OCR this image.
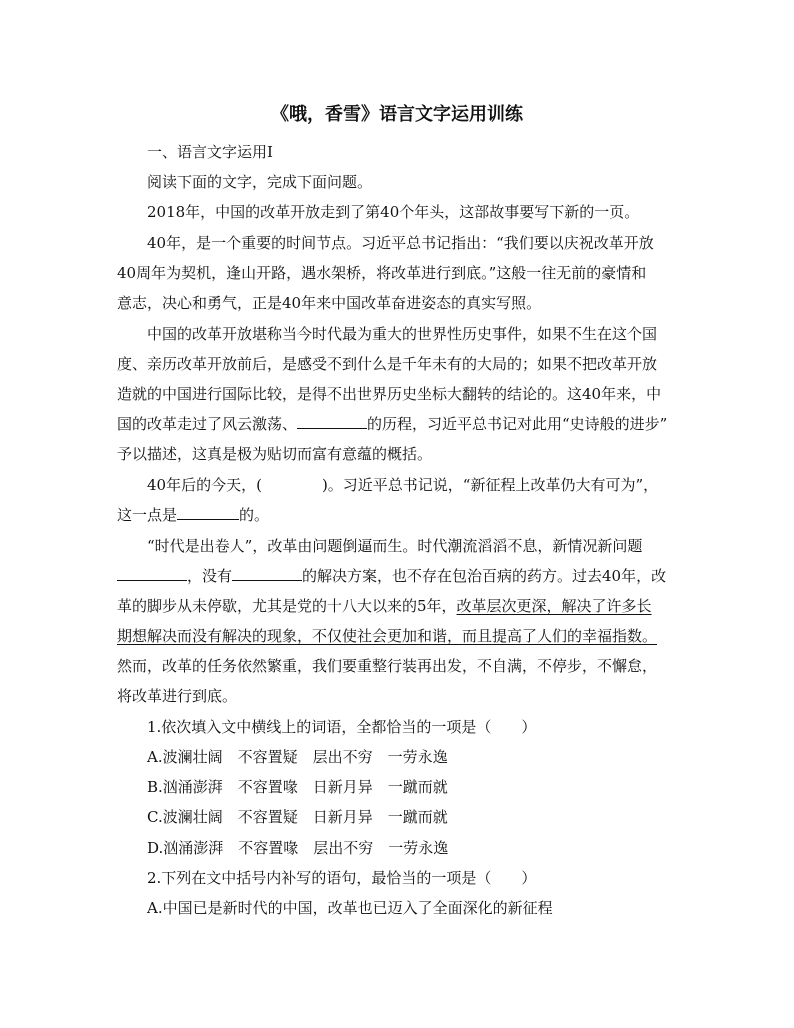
《哦，香雪》语言文字运用训练
一、语言文字运用Ⅰ
阅读下面的文字，完成下面问题。
2018年，中国的改革开放走到了第40个年头，这部故事要写下新的一页。
40年，是一个重要的时间节点。习近平总书记指出：“我们要以庆祝改革开放
40周年为契机，逢山开路，遇水架桥，将改革进行到底。”这般一往无前的豪情和
意志，决心和勇气，正是40年来中国改革奋进姿态的真实写照。
中国的改革开放堪称当今时代最为重大的世界性历史事件，如果不生在这个国
度、亲历改革开放前后，是感受不到什么是千年未有的大局的；如果不把改革开放
造就的中国进行国际比较，是得不出世界历史坐标大翻转的结论的。这40年来，中
国的改革走过了风云激荡、	的历程，习近平总书记对此用“史诗般的进步”
予以描述，这真是极为贴切而富有意蕴的概括。
40年后的今天，(	)。习近平总书记说，“新征程上改革仍大有可为”，
这一点是	的。
“时代是出卷人”，改革由问题倒逼而生。时代潮流滔滔不息，新情况新问题
，没有	的解决方案，也不存在包治百病的药方。过去40年，改
革的脚步从未停歇，尤其是党的十八大以来的5年，改革层次更深，解决了许多长
期想解决而没有解决的现象，不仅使社会更加和谐，而且提高了人们的幸福指数。
然而，改革的任务依然繁重，我们要重整行装再出发，不自满，不停步，不懈怠，
将改革进行到底。
1.依次填入文中横线上的词语，全都恰当的一项是（　　）
A.波澜壮阔　不容置疑　层出不穷　一劳永逸
B.汹涌澎湃　不容置喙　日新月异　一蹴而就
C.波澜壮阔　不容置疑　日新月异　一蹴而就
D.汹涌澎湃　不容置喙　层出不穷　一劳永逸
2.下列在文中括号内补写的语句，最恰当的一项是（　　）
A.中国已是新时代的中国，改革也已迈入了全面深化的新征程
